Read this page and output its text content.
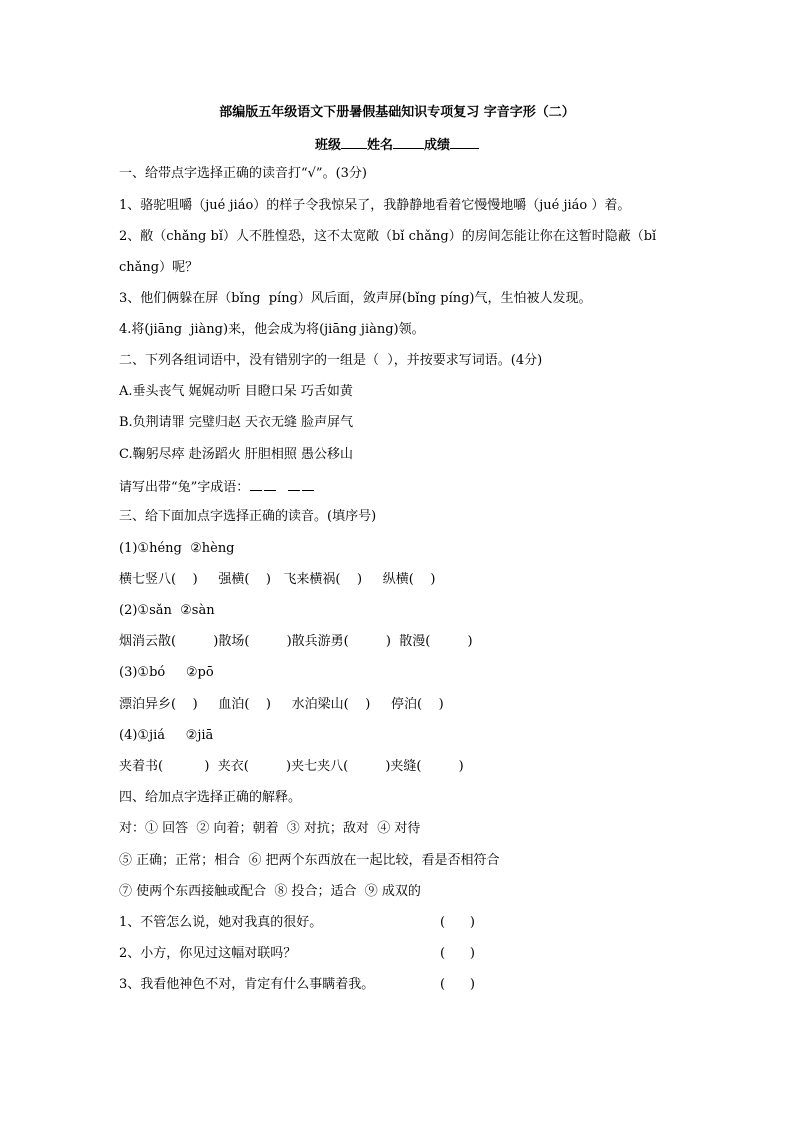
部编版五年级语文下册暑假基础知识专项复习 字音字形（二）
班级 姓名 成绩
一、给带点字选择正确的读音打“√”。(3分)
1、骆驼咀嚼（jué jiáo）的样子令我惊呆了，我静静地看着它慢慢地嚼（jué jiáo ）着。
2、敝（chǎng bǐ）人不胜惶恐，这不太宽敞（bǐ chǎng）的房间怎能让你在这暂时隐蔽（bǐ
chǎng）呢？
3、他们俩躲在屏（bǐng  píng）风后面，敛声屏(bǐng píng)气，生怕被人发现。
4.将(jiāng  jiàng)来，他会成为将(jiāng jiàng)领。
二、下列各组词语中，没有错别字的一组是（  ），并按要求写词语。(4分)
A.垂头丧气 娓娓动听 目瞪口呆 巧舌如黄
B.负荆请罪 完璧归赵 天衣无缝 脸声屏气
C.鞠躬尽瘁 赴汤蹈火 肝胆相照 愚公移山
请写出带“兔”字成语：
三、给下面加点字选择正确的读音。(填序号)
(1)①héng  ②hèng
横七竖八(    )     强横(    )   飞来横祸(    )     纵横(    )
(2)①sǎn  ②sàn
烟消云散(         )散场(         )散兵游勇(         )  散漫(         )
(3)①bó     ②pō
漂泊异乡(    )     血泊(    )     水泊梁山(    )     停泊(    )
(4)①jiá     ②jiā
夹着书(          )  夹衣(         )夹七夹八(         )夹缝(         )
四、给加点字选择正确的解释。
对：① 回答  ② 向着；朝着  ③ 对抗；敌对  ④ 对待
⑤ 正确；正常；相合  ⑥ 把两个东西放在一起比较，看是否相符合
⑦ 使两个东西接触或配合  ⑧ 投合；适合  ⑨ 成双的
1、不管怎么说，她对我真的很好。	(      )
2、小方，你见过这幅对联吗？	(      )
3、我看他神色不对，肯定有什么事瞒着我。	(      )
